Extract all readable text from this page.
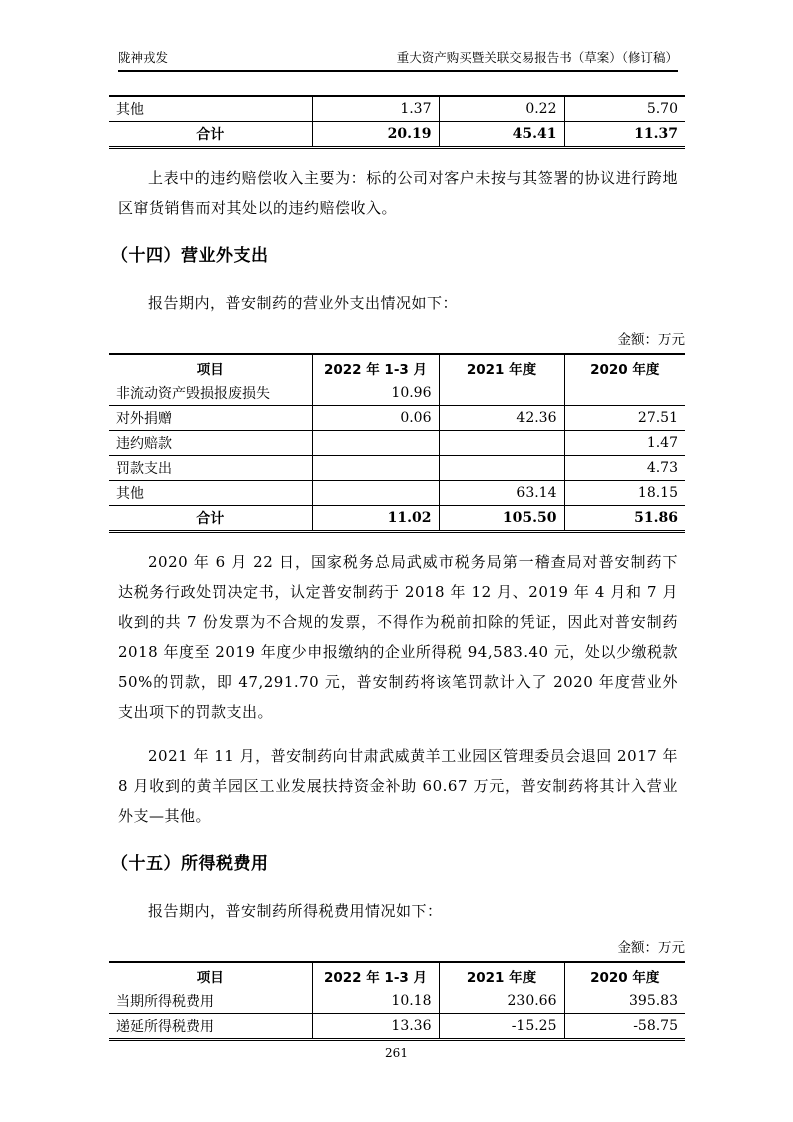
陇神戎发	重大资产购买暨关联交易报告书（草案）（修订稿）
其他	1.37	0.22	5.70
合计	20.19	45.41	11.37

上表中的违约赔偿收入主要为：标的公司对客户未按与其签署的协议进行跨地区窜货销售而对其处以的违约赔偿收入。

（十四）营业外支出

报告期内，普安制药的营业外支出情况如下：

金额：万元
项目	2022 年 1-3 月	2021 年度	2020 年度
非流动资产毁损报废损失	10.96		
对外捐赠	0.06	42.36	27.51
违约赔款			1.47
罚款支出			4.73
其他		63.14	18.15
合计	11.02	105.50	51.86

2020 年 6 月 22 日，国家税务总局武威市税务局第一稽查局对普安制药下达税务行政处罚决定书，认定普安制药于 2018 年 12 月、2019 年 4 月和 7 月收到的共 7 份发票为不合规的发票，不得作为税前扣除的凭证，因此对普安制药 2018 年度至 2019 年度少申报缴纳的企业所得税 94,583.40 元，处以少缴税款 50%的罚款，即 47,291.70 元，普安制药将该笔罚款计入了 2020 年度营业外支出项下的罚款支出。

2021 年 11 月，普安制药向甘肃武威黄羊工业园区管理委员会退回 2017 年 8 月收到的黄羊园区工业发展扶持资金补助 60.67 万元，普安制药将其计入营业外支—其他。

（十五）所得税费用

报告期内，普安制药所得税费用情况如下：

金额：万元
项目	2022 年 1-3 月	2021 年度	2020 年度
当期所得税费用	10.18	230.66	395.83
递延所得税费用	13.36	-15.25	-58.75
261
